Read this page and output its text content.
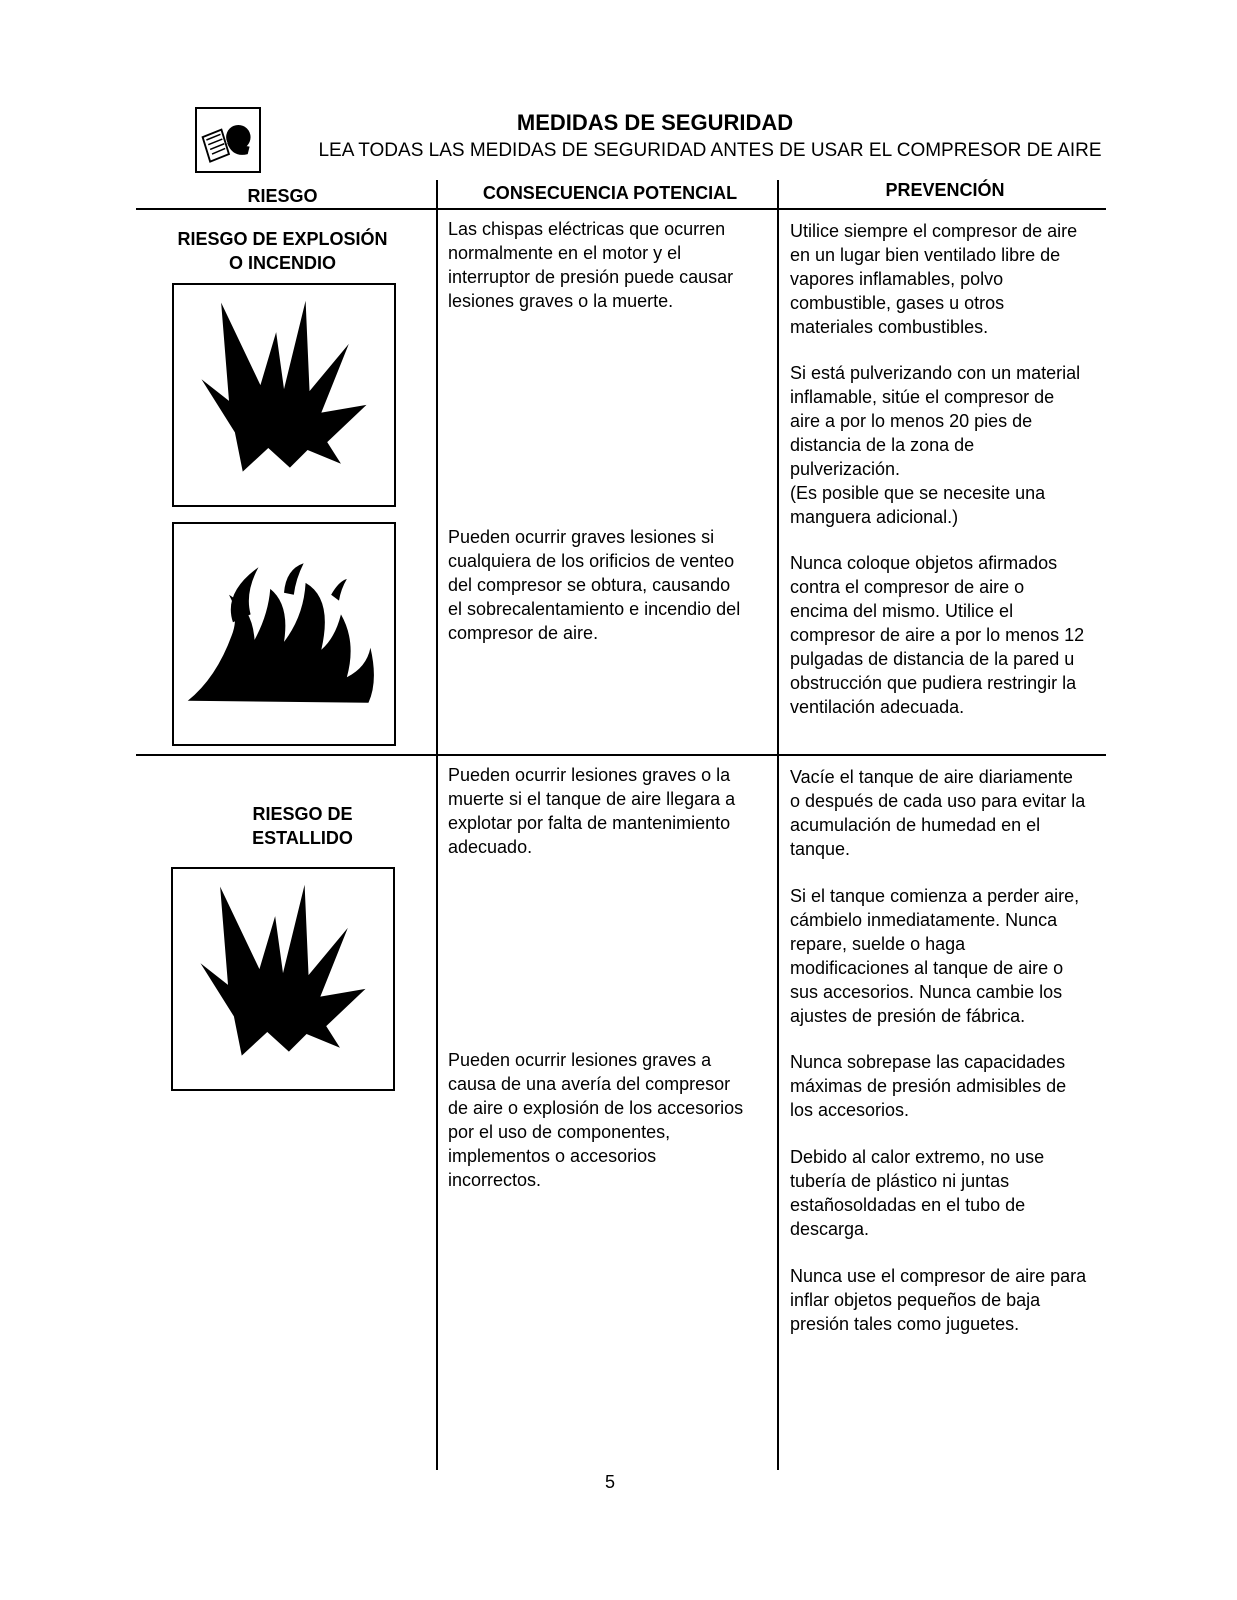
MEDIDAS DE SEGURIDAD
LEA TODAS LAS MEDIDAS DE SEGURIDAD ANTES DE USAR EL COMPRESOR DE AIRE
RIESGO	CONSECUENCIA POTENCIAL	PREVENCIÓN
RIESGO DE EXPLOSIÓN
O INCENDIO
Las chispas eléctricas que ocurren
normalmente en el motor y el
interruptor de presión puede causar
lesiones graves o la muerte.
Pueden ocurrir graves lesiones si
cualquiera de los orificios de venteo
del compresor se obtura, causando
el sobrecalentamiento e incendio del
compresor de aire.
Utilice siempre el compresor de aire
en un lugar bien ventilado libre de
vapores inflamables, polvo
combustible, gases u otros
materiales combustibles.
Si está pulverizando con un material
inflamable, sitúe el compresor de
aire a por lo menos 20 pies de
distancia de la zona de
pulverización.
(Es posible que se necesite una
manguera adicional.)
Nunca coloque objetos afirmados
contra el compresor de aire o
encima del mismo. Utilice el
compresor de aire a por lo menos 12
pulgadas de distancia de la pared u
obstrucción que pudiera restringir la
ventilación adecuada.
RIESGO DE
ESTALLIDO
Pueden ocurrir lesiones graves o la
muerte si el tanque de aire llegara a
explotar por falta de mantenimiento
adecuado.
Pueden ocurrir lesiones graves a
causa de una avería del compresor
de aire o explosión de los accesorios
por el uso de componentes,
implementos o accesorios
incorrectos.
Vacíe el tanque de aire diariamente
o después de cada uso para evitar la
acumulación de humedad en el
tanque.
Si el tanque comienza a perder aire,
cámbielo inmediatamente. Nunca
repare, suelde o haga
modificaciones al tanque de aire o
sus accesorios. Nunca cambie los
ajustes de presión de fábrica.
Nunca sobrepase las capacidades
máximas de presión admisibles de
los accesorios.
Debido al calor extremo, no use
tubería de plástico ni juntas
estañosoldadas en el tubo de
descarga.
Nunca use el compresor de aire para
inflar objetos pequeños de baja
presión tales como juguetes.
5
